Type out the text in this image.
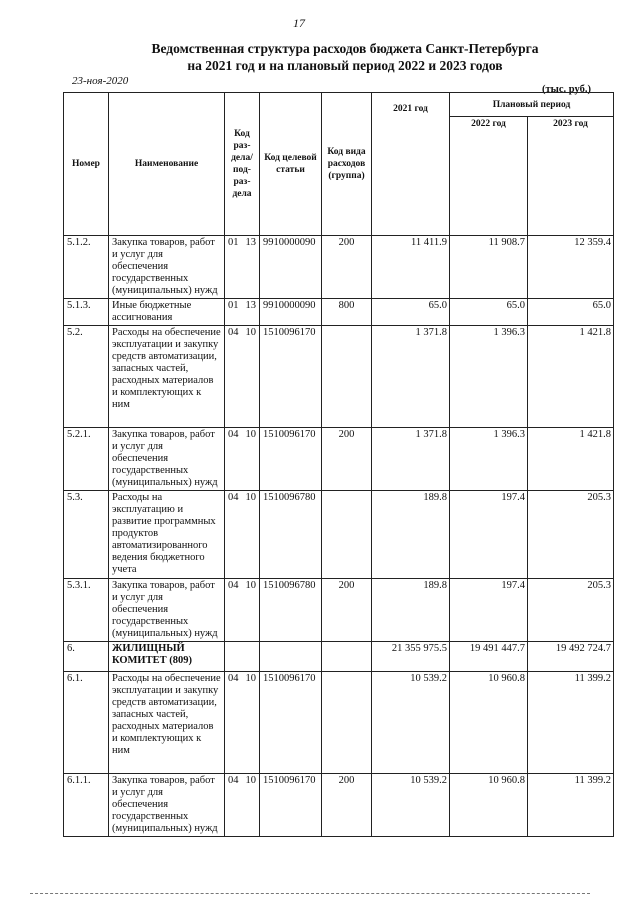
17
Ведомственная структура расходов бюджета Санкт-Петербурга
на 2021 год и на плановый период 2022 и 2023 годов
23-ноя-2020
(тыс. руб.)
Номер	Наименование	Код раз- дела/ под- раз- дела	Код целевой статьи	Код вида расходов (группа)	2021 год	Плановый период	
						2022 год	2023 год
5.1.2.	Закупка товаров, работ и услуг для обеспечения государственных (муниципальных) нужд	01 13	9910000090	200	11 411.9	11 908.7	12 359.4
5.1.3.	Иные бюджетные ассигнования	01 13	9910000090	800	65.0	65.0	65.0
5.2.	Расходы на обеспечение эксплуатации и закупку средств автоматизации, запасных частей, расходных материалов и комплектующих к ним	04 10	1510096170		1 371.8	1 396.3	1 421.8
5.2.1.	Закупка товаров, работ и услуг для обеспечения государственных (муниципальных) нужд	04 10	1510096170	200	1 371.8	1 396.3	1 421.8
5.3.	Расходы на эксплуатацию и развитие программных продуктов автоматизированного ведения бюджетного учета	04 10	1510096780		189.8	197.4	205.3
5.3.1.	Закупка товаров, работ и услуг для обеспечения государственных (муниципальных) нужд	04 10	1510096780	200	189.8	197.4	205.3
6.	ЖИЛИЩНЫЙ КОМИТЕТ (809)				21 355 975.5	19 491 447.7	19 492 724.7
6.1.	Расходы на обеспечение эксплуатации и закупку средств автоматизации, запасных частей, расходных материалов и комплектующих к ним	04 10	1510096170		10 539.2	10 960.8	11 399.2
6.1.1.	Закупка товаров, работ и услуг для обеспечения государственных (муниципальных) нужд	04 10	1510096170	200	10 539.2	10 960.8	11 399.2
